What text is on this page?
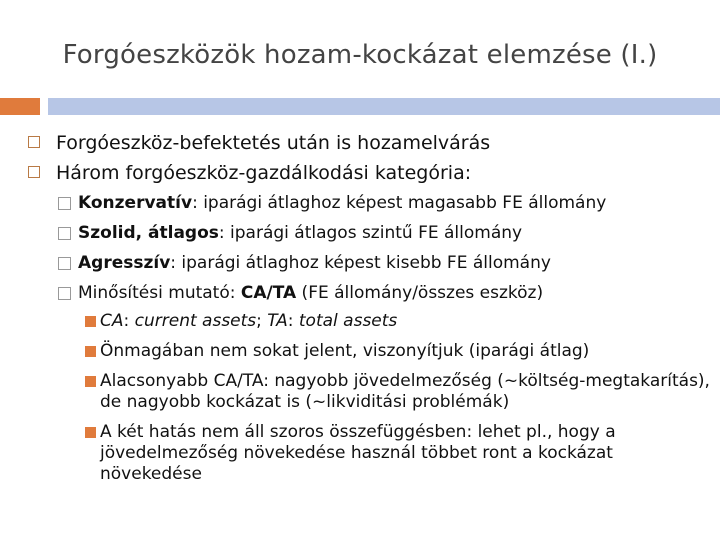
Forgóeszközök hozam-kockázat elemzése (I.)
Forgóeszköz-befektetés után is hozamelvárás
Három forgóeszköz-gazdálkodási kategória:
Konzervatív: iparági átlaghoz képest magasabb FE állomány
Szolid, átlagos: iparági átlagos szintű FE állomány
Agresszív: iparági átlaghoz képest kisebb FE állomány
Minősítési mutató: CA/TA (FE állomány/összes eszköz)
CA: current assets; TA: total assets
Önmagában nem sokat jelent, viszonyítjuk (iparági átlag)
Alacsonyabb CA/TA: nagyobb jövedelmezőség (~költség-megtakarítás), de nagyobb kockázat is (~likviditási problémák)
A két hatás nem áll szoros összefüggésben: lehet pl., hogy a jövedelmezőség növekedése használ többet ront a kockázat növekedése
